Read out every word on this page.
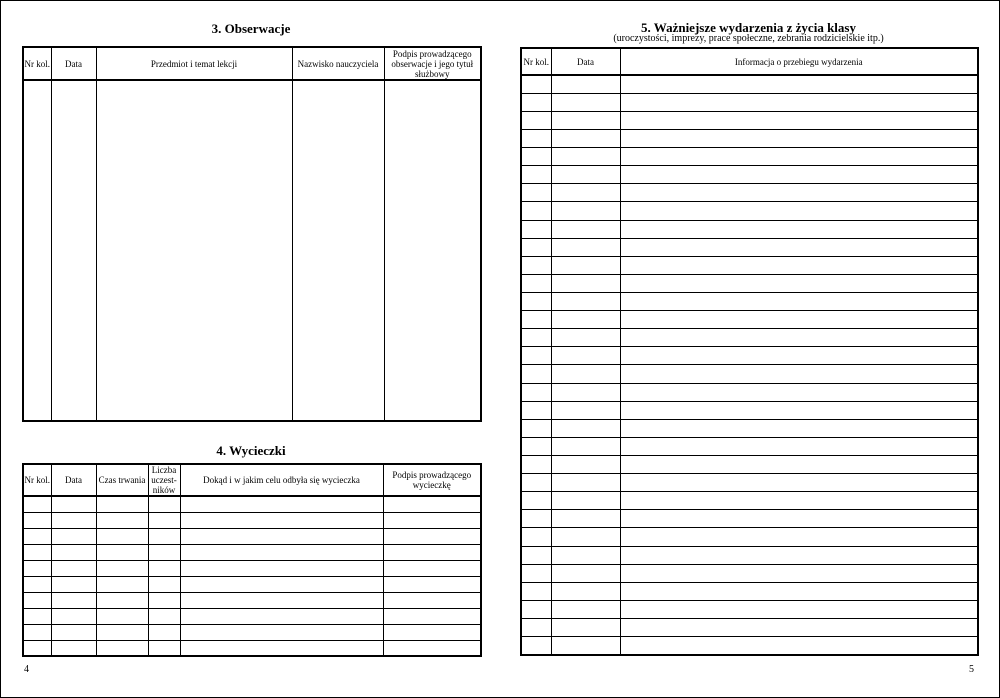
3. Obserwacje
Nr kol.	Data	Przedmiot i temat lekcji	Nazwisko nauczyciela	Podpis prowadzącego obserwacje i jego tytuł służbowy

4. Wycieczki
Nr kol.	Data	Czas trwania	Liczba uczest-ników	Dokąd i w jakim celu odbyła się wycieczka	Podpis prowadzącego wycieczkę

5. Ważniejsze wydarzenia z życia klasy
(uroczystości, imprezy, prace społeczne, zebrania rodzicielskie itp.)
Nr kol.	Data	Informacja o przebiegu wydarzenia

4	5
